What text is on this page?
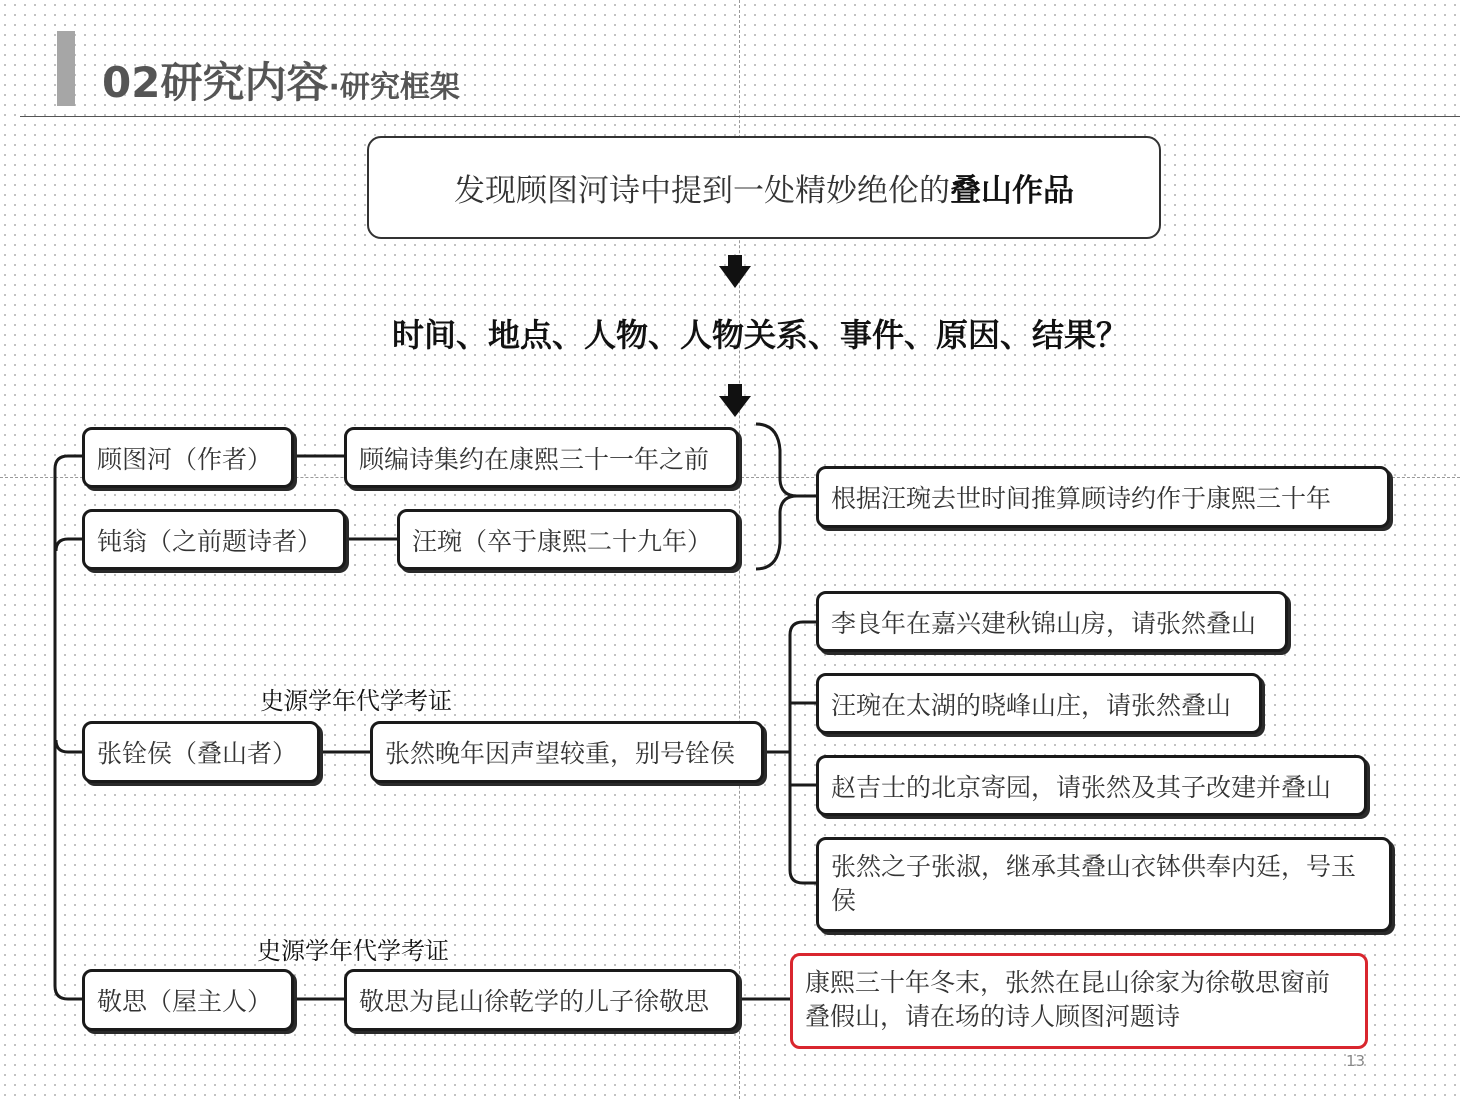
02研究内容·研究框架
发现顾图河诗中提到一处精妙绝伦的 叠山作品
时间、地点、人物、人物关系、事件、原因、结果？
顾图河（作者）	顾编诗集约在康熙三十一年之前
钝翁（之前题诗者）	汪琬（卒于康熙二十九年）
根据汪琬去世时间推算顾诗约作于康熙三十年
史源学年代学考证
张铨侯（叠山者）	张然晚年因声望较重，别号铨侯
李良年在嘉兴建秋锦山房，请张然叠山
汪琬在太湖的晓峰山庄，请张然叠山
赵吉士的北京寄园，请张然及其子改建并叠山
张然之子张淑，继承其叠山衣钵供奉内廷，号玉侯
史源学年代学考证
敬思（屋主人）	敬思为昆山徐乾学的儿子徐敬思
康熙三十年冬末，张然在昆山徐家为徐敬思窗前叠假山，请在场的诗人顾图河题诗
13
